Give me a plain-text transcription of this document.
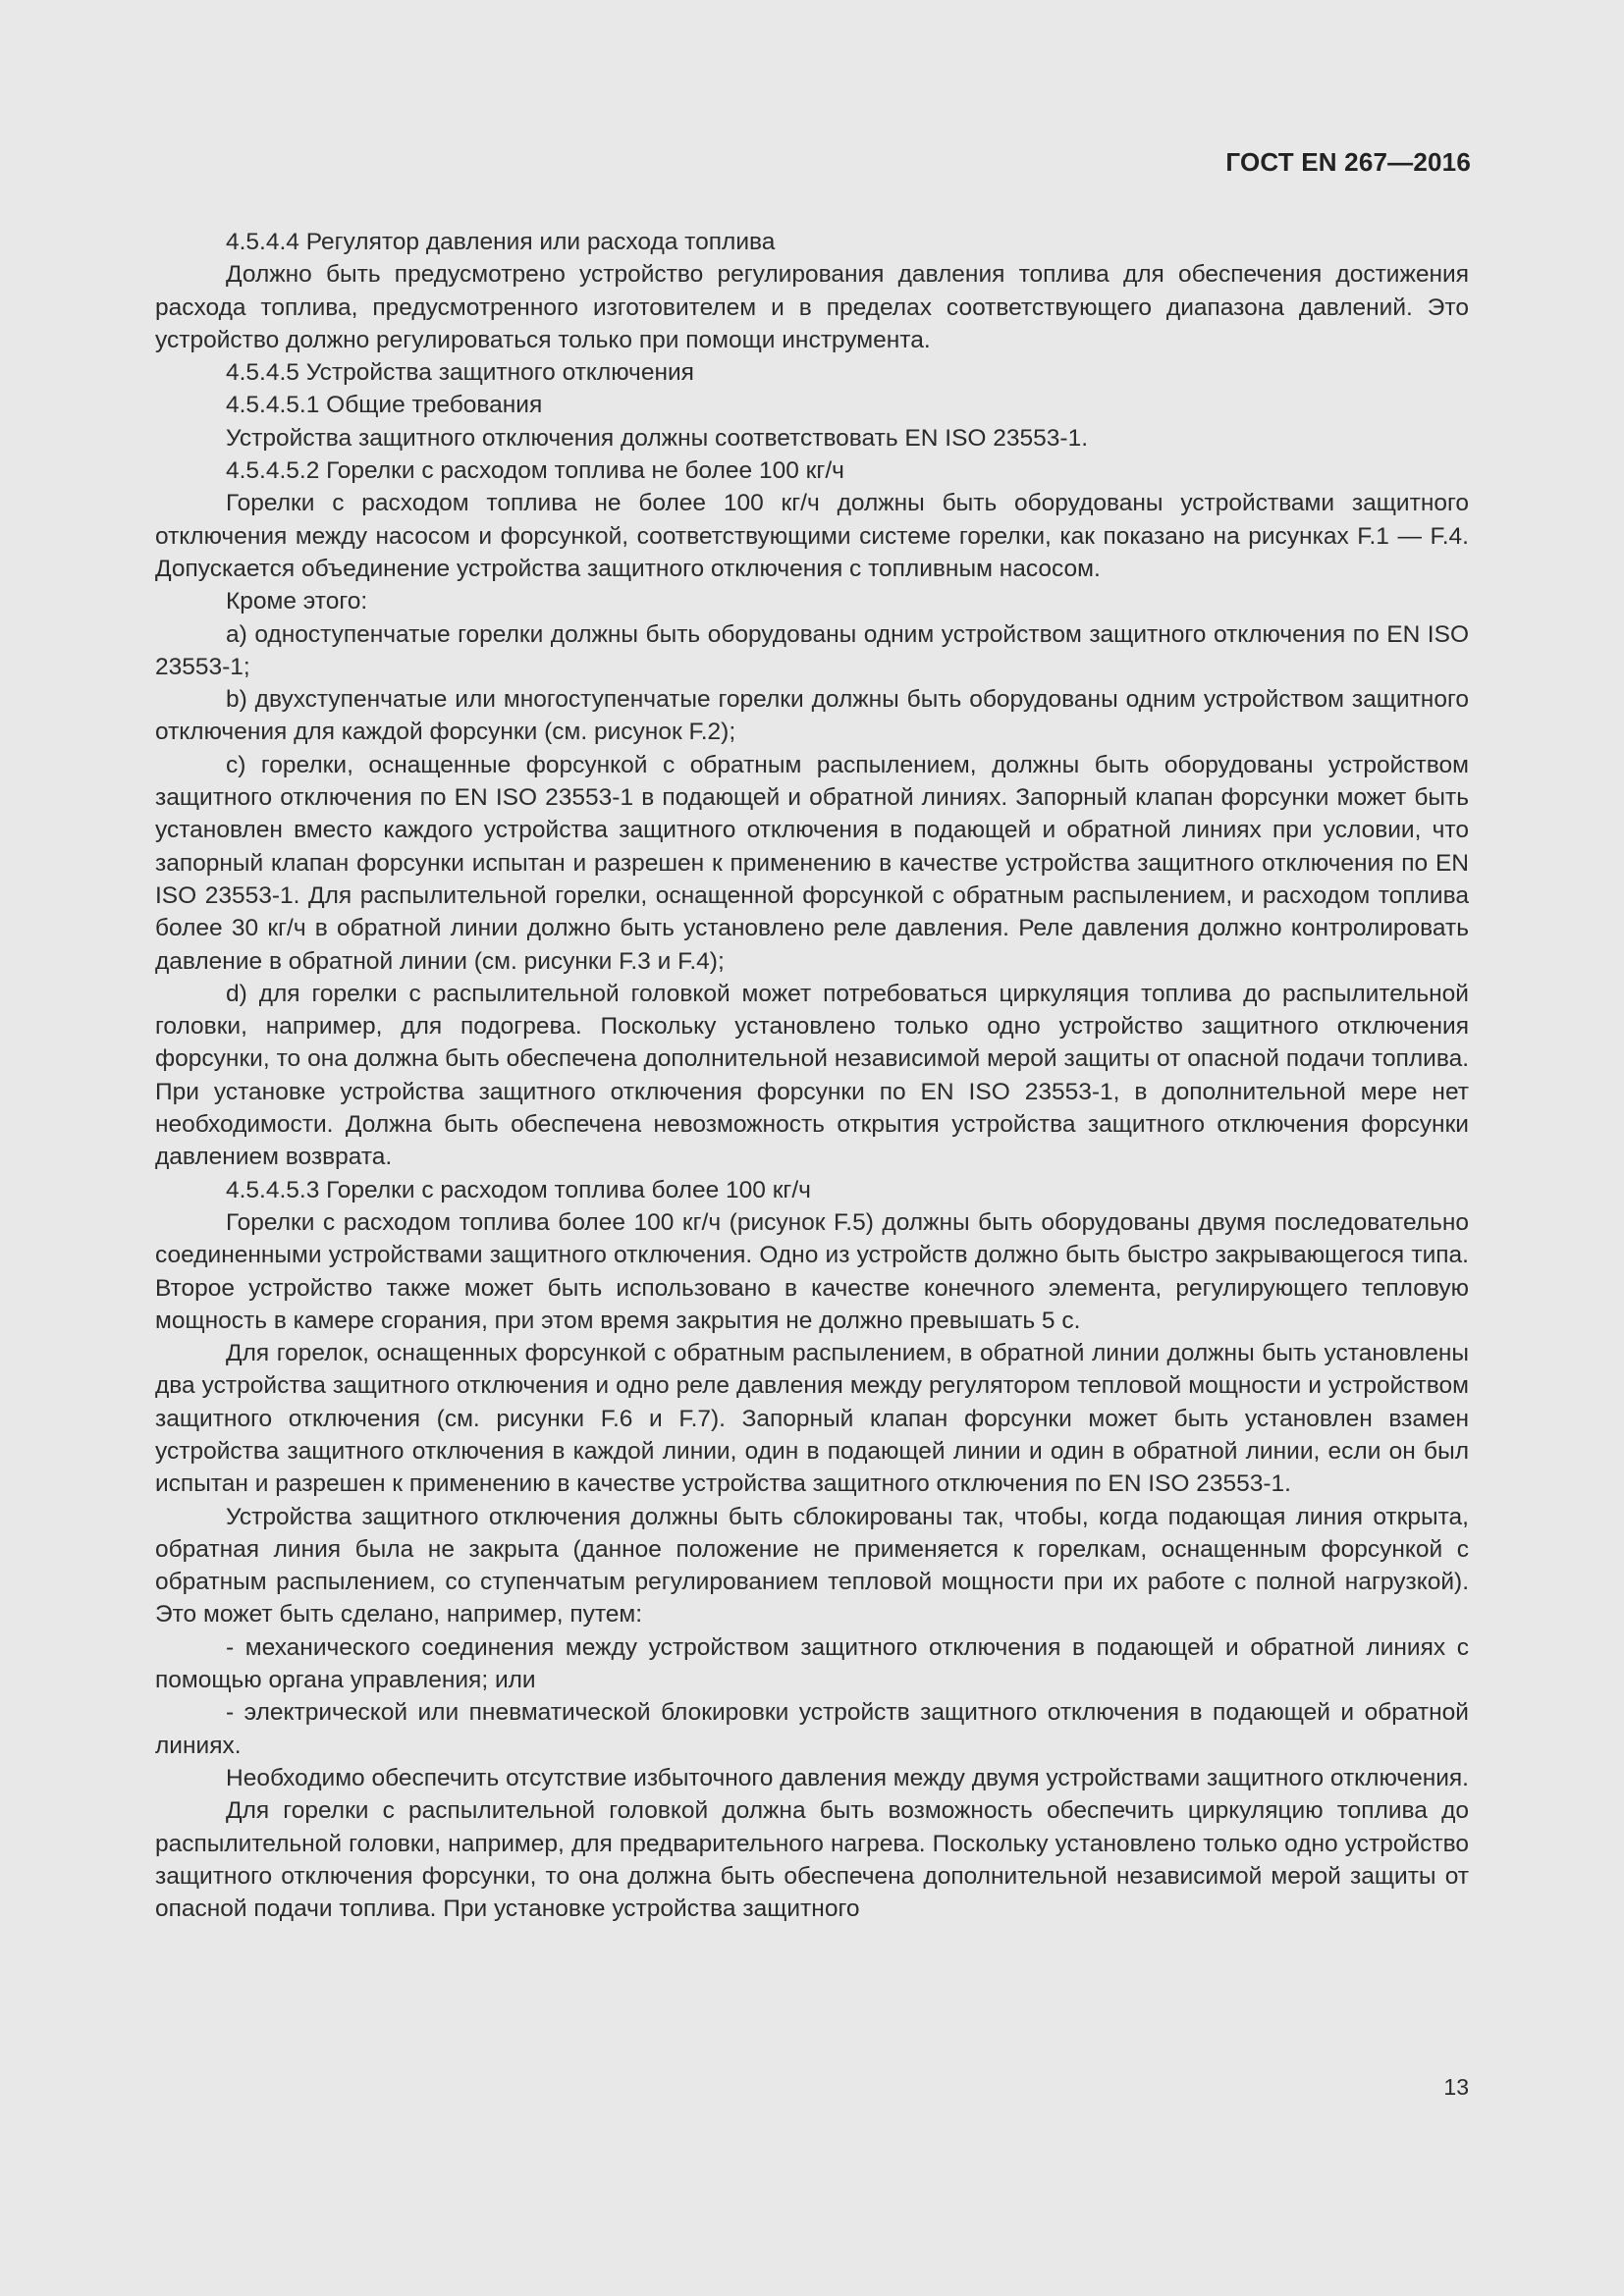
ГОСТ EN 267—2016

4.5.4.4 Регулятор давления или расхода топлива

Должно быть предусмотрено устройство регулирования давления топлива для обеспечения достижения расхода топлива, предусмотренного изготовителем и в пределах соответствующего диапазона давлений. Это устройство должно регулироваться только при помощи инструмента.

4.5.4.5 Устройства защитного отключения

4.5.4.5.1 Общие требования

Устройства защитного отключения должны соответствовать EN ISO 23553-1.

4.5.4.5.2 Горелки с расходом топлива не более 100 кг/ч

Горелки с расходом топлива не более 100 кг/ч должны быть оборудованы устройствами защитного отключения между насосом и форсункой, соответствующими системе горелки, как показано на рисунках F.1 — F.4. Допускается объединение устройства защитного отключения с топливным насосом.

Кроме этого:

a) одноступенчатые горелки должны быть оборудованы одним устройством защитного отключения по EN ISO 23553-1;

b) двухступенчатые или многоступенчатые горелки должны быть оборудованы одним устройством защитного отключения для каждой форсунки (см. рисунок F.2);

c) горелки, оснащенные форсункой с обратным распылением, должны быть оборудованы устройством защитного отключения по EN ISO 23553-1 в подающей и обратной линиях. Запорный клапан форсунки может быть установлен вместо каждого устройства защитного отключения в подающей и обратной линиях при условии, что запорный клапан форсунки испытан и разрешен к применению в качестве устройства защитного отключения по EN ISO 23553-1. Для распылительной горелки, оснащенной форсункой с обратным распылением, и расходом топлива более 30 кг/ч в обратной линии должно быть установлено реле давления. Реле давления должно контролировать давление в обратной линии (см. рисунки F.3 и F.4);

d) для горелки с распылительной головкой может потребоваться циркуляция топлива до распылительной головки, например, для подогрева. Поскольку установлено только одно устройство защитного отключения форсунки, то она должна быть обеспечена дополнительной независимой мерой защиты от опасной подачи топлива. При установке устройства защитного отключения форсунки по EN ISO 23553-1, в дополнительной мере нет необходимости. Должна быть обеспечена невозможность открытия устройства защитного отключения форсунки давлением возврата.

4.5.4.5.3 Горелки с расходом топлива более 100 кг/ч

Горелки с расходом топлива более 100 кг/ч (рисунок F.5) должны быть оборудованы двумя последовательно соединенными устройствами защитного отключения. Одно из устройств должно быть быстро закрывающегося типа. Второе устройство также может быть использовано в качестве конечного элемента, регулирующего тепловую мощность в камере сгорания, при этом время закрытия не должно превышать 5 с.

Для горелок, оснащенных форсункой с обратным распылением, в обратной линии должны быть установлены два устройства защитного отключения и одно реле давления между регулятором тепловой мощности и устройством защитного отключения (см. рисунки F.6 и F.7). Запорный клапан форсунки может быть установлен взамен устройства защитного отключения в каждой линии, один в подающей линии и один в обратной линии, если он был испытан и разрешен к применению в качестве устройства защитного отключения по EN ISO 23553-1.

Устройства защитного отключения должны быть сблокированы так, чтобы, когда подающая линия открыта, обратная линия была не закрыта (данное положение не применяется к горелкам, оснащенным форсункой с обратным распылением, со ступенчатым регулированием тепловой мощности при их работе с полной нагрузкой). Это может быть сделано, например, путем:

- механического соединения между устройством защитного отключения в подающей и обратной линиях с помощью органа управления; или

- электрической или пневматической блокировки устройств защитного отключения в подающей и обратной линиях.

Необходимо обеспечить отсутствие избыточного давления между двумя устройствами защитного отключения.

Для горелки с распылительной головкой должна быть возможность обеспечить циркуляцию топлива до распылительной головки, например, для предварительного нагрева. Поскольку установлено только одно устройство защитного отключения форсунки, то она должна быть обеспечена дополнительной независимой мерой защиты от опасной подачи топлива. При установке устройства защитного

13
